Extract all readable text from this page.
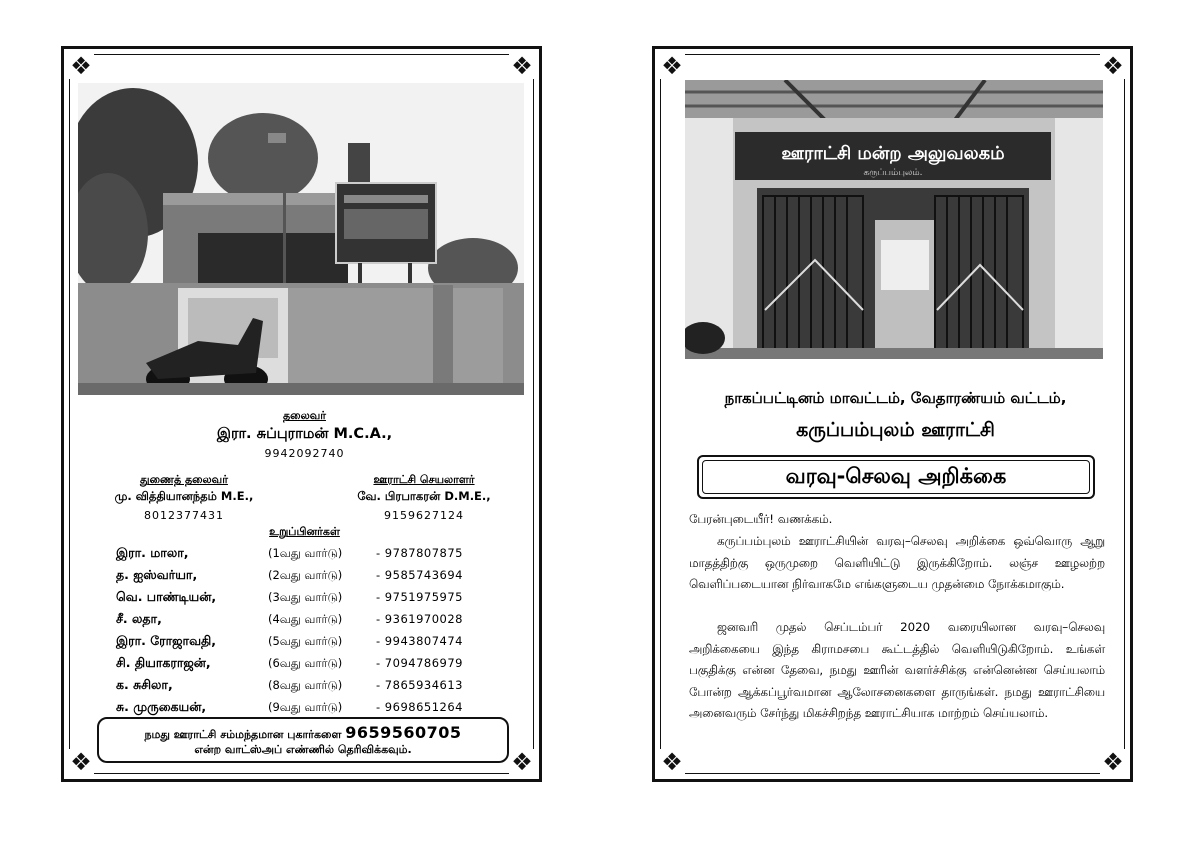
❖	❖
❖	❖
தலைவர்
இரா. சுப்புராமன் M.C.A.,
9942092740
துணைத் தலைவர்
மு. வித்தியானந்தம் M.E.,
8012377431
ஊராட்சி செயலாளர்
வே. பிரபாகரன் D.M.E.,
9159627124
உறுப்பினர்கள்
இரா. மாலா,	(1வது வார்டு)	- 9787807875
த. ஐஸ்வர்யா,	(2வது வார்டு)	- 9585743694
வெ. பாண்டியன்,	(3வது வார்டு)	- 9751975975
சீ. லதா,	(4வது வார்டு)	- 9361970028
இரா. ரோஜாவதி,	(5வது வார்டு)	- 9943807474
சி. தியாகராஜன்,	(6வது வார்டு)	- 7094786979
க. சுசிலா,	(8வது வார்டு)	- 7865934613
சு. முருகையன்,	(9வது வார்டு)	- 9698651264
நமது ஊராட்சி சம்மந்தமான புகார்களை 9659560705
என்ற வாட்ஸ்அப் எண்ணில் தெரிவிக்கவும்.
❖	❖
❖	❖
ஊராட்சி மன்ற அலுவலகம்
கருப்பம்புலம்.
நாகப்பட்டினம் மாவட்டம், வேதாரண்யம் வட்டம்,
கருப்பம்புலம் ஊராட்சி
வரவு-செலவு அறிக்கை
பேரன்புடையீர்! வணக்கம்.
கருப்பம்புலம் ஊராட்சியின் வரவு–செலவு அறிக்கை ஒவ்வொரு ஆறு மாதத்திற்கு ஒருமுறை வெளியிட்டு இருக்கிறோம். லஞ்ச ஊழலற்ற வெளிப்படையான நிர்வாகமே எங்களுடைய முதன்மை நோக்கமாகும்.
ஜனவரி முதல் செப்டம்பர் 2020 வரையிலான வரவு–செலவு அறிக்கையை இந்த கிராமசபை கூட்டத்தில் வெளியிடுகிறோம். உங்கள் பகுதிக்கு என்ன தேவை, நமது ஊரின் வளர்ச்சிக்கு என்னென்ன செய்யலாம் போன்ற ஆக்கப்பூர்வமான ஆலோசனைகளை தாருங்கள். நமது ஊராட்சியை அனைவரும் சேர்ந்து மிகச்சிறந்த ஊராட்சியாக மாற்றம் செய்யலாம்.
